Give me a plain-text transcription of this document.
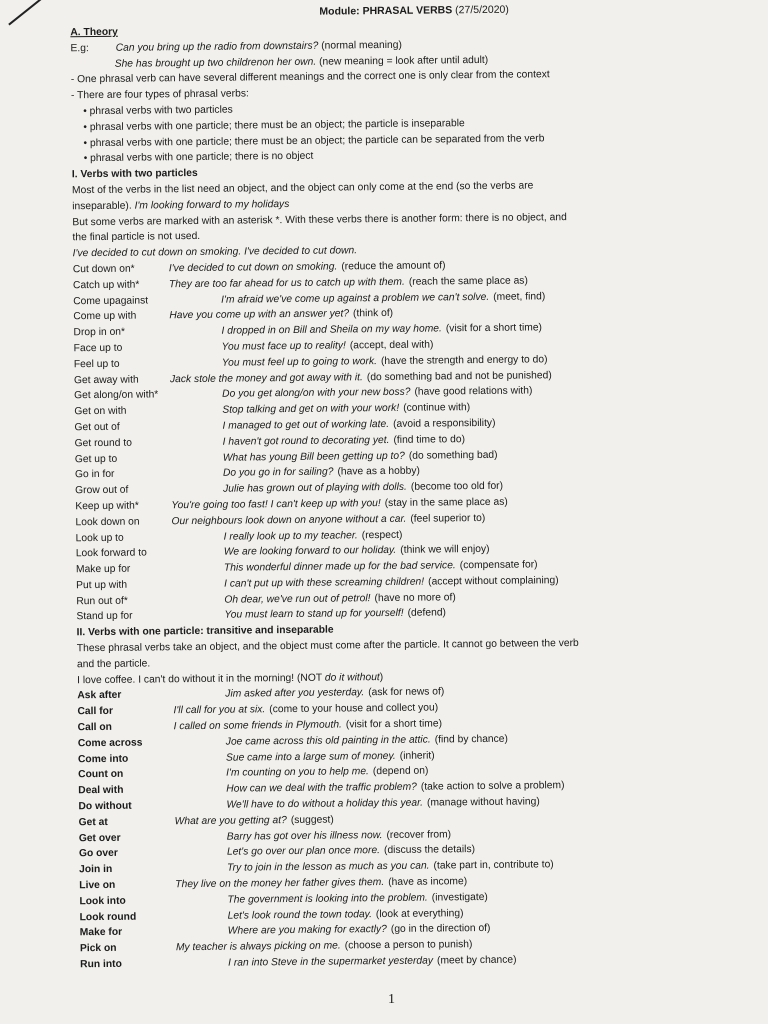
Module: PHRASAL VERBS (27/5/2020)
A. Theory
E.g:	Can you bring up the radio from downstairs? (normal meaning)
She has brought up two childrenon her own. (new meaning = look after until adult)
- One phrasal verb can have several different meanings and the correct one is only clear from the context
- There are four types of phrasal verbs:
• phrasal verbs with two particles
• phrasal verbs with one particle; there must be an object; the particle is inseparable
• phrasal verbs with one particle; there must be an object; the particle can be separated from the verb
• phrasal verbs with one particle; there is no object
I. Verbs with two particles
Most of the verbs in the list need an object, and the object can only come at the end (so the verbs are
inseparable). I'm looking forward to my holidays
But some verbs are marked with an asterisk *. With these verbs there is another form: there is no object, and
the final particle is not used.
I've decided to cut down on smoking. I've decided to cut down.
Cut down on*	I've decided to cut down on smoking. (reduce the amount of)
Catch up with*	They are too far ahead for us to catch up with them. (reach the same place as)
Come upagainst	I'm afraid we've come up against a problem we can't solve. (meet, find)
Come up with	Have you come up with an answer yet? (think of)
Drop in on*	I dropped in on Bill and Sheila on my way home. (visit for a short time)
Face up to	You must face up to reality! (accept, deal with)
Feel up to	You must feel up to going to work. (have the strength and energy to do)
Get away with	Jack stole the money and got away with it. (do something bad and not be punished)
Get along/on with*	Do you get along/on with your new boss? (have good relations with)
Get on with	Stop talking and get on with your work! (continue with)
Get out of	I managed to get out of working late. (avoid a responsibility)
Get round to	I haven't got round to decorating yet. (find time to do)
Get up to	What has young Bill been getting up to? (do something bad)
Go in for	Do you go in for sailing? (have as a hobby)
Grow out of	Julie has grown out of playing with dolls. (become too old for)
Keep up with*	You're going too fast! I can't keep up with you! (stay in the same place as)
Look down on	Our neighbours look down on anyone without a car. (feel superior to)
Look up to	I really look up to my teacher. (respect)
Look forward to	We are looking forward to our holiday. (think we will enjoy)
Make up for	This wonderful dinner made up for the bad service. (compensate for)
Put up with	I can't put up with these screaming children! (accept without complaining)
Run out of*	Oh dear, we've run out of petrol! (have no more of)
Stand up for	You must learn to stand up for yourself! (defend)
II. Verbs with one particle: transitive and inseparable
These phrasal verbs take an object, and the object must come after the particle. It cannot go between the verb
and the particle.
I love coffee. I can't do without it in the morning! (NOT do it without)
Ask after	Jim asked after you yesterday. (ask for news of)
Call for	I'll call for you at six. (come to your house and collect you)
Call on	I called on some friends in Plymouth. (visit for a short time)
Come across	Joe came across this old painting in the attic. (find by chance)
Come into	Sue came into a large sum of money. (inherit)
Count on	I'm counting on you to help me. (depend on)
Deal with	How can we deal with the traffic problem? (take action to solve a problem)
Do without	We'll have to do without a holiday this year. (manage without having)
Get at	What are you getting at? (suggest)
Get over	Barry has got over his illness now. (recover from)
Go over	Let's go over our plan once more. (discuss the details)
Join in	Try to join in the lesson as much as you can. (take part in, contribute to)
Live on	They live on the money her father gives them. (have as income)
Look into	The government is looking into the problem. (investigate)
Look round	Let's look round the town today. (look at everything)
Make for	Where are you making for exactly? (go in the direction of)
Pick on	My teacher is always picking on me. (choose a person to punish)
Run into	I ran into Steve in the supermarket yesterday (meet by chance)
1
